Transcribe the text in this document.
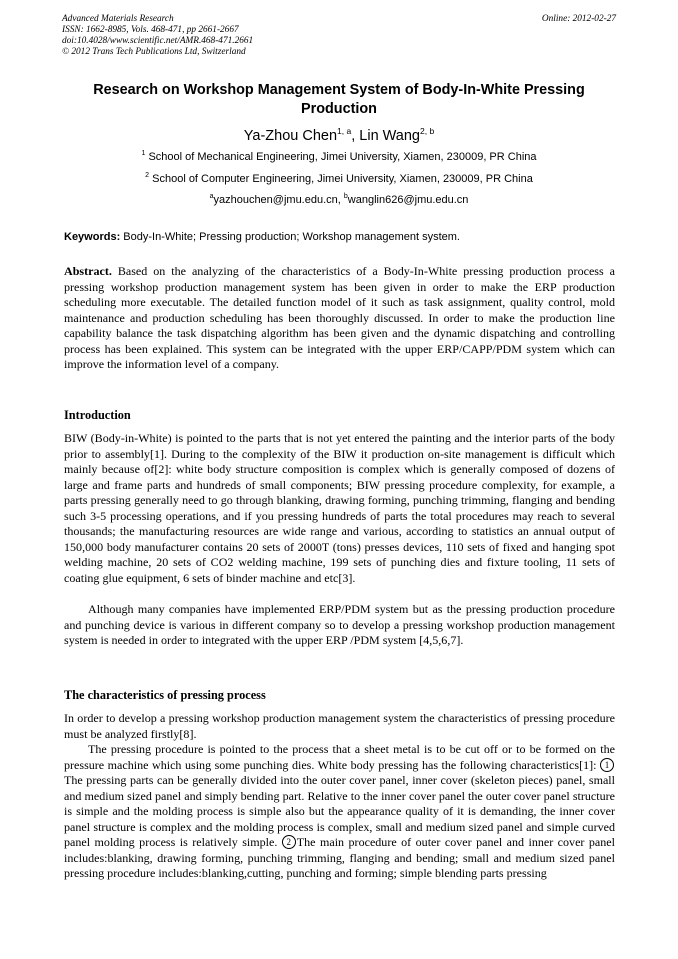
Advanced Materials Research
ISSN: 1662-8985, Vols. 468-471, pp 2661-2667
doi:10.4028/www.scientific.net/AMR.468-471.2661
© 2012 Trans Tech Publications Ltd, Switzerland
Online: 2012-02-27
Research on Workshop Management System of Body-In-White Pressing Production
Ya-Zhou Chen$^{1, a}$, Lin Wang$^{2, b}$
$^1$ School of Mechanical Engineering, Jimei University, Xiamen, 230009, PR China
$^2$ School of Computer Engineering, Jimei University, Xiamen, 230009, PR China
$^a$yazhouchen@jmu.edu.cn, $^b$wanglin626@jmu.edu.cn
Keywords: Body-In-White; Pressing production; Workshop management system.
Abstract. Based on the analyzing of the characteristics of a Body-In-White pressing production process a pressing workshop production management system has been given in order to make the ERP production scheduling more executable. The detailed function model of it such as task assignment, quality control, mold maintenance and production scheduling has been thoroughly discussed. In order to make the production line capability balance the task dispatching algorithm has been given and the dynamic dispatching and controlling process has been explained. This system can be integrated with the upper ERP/CAPP/PDM system which can improve the information level of a company.
Introduction
BIW (Body-in-White) is pointed to the parts that is not yet entered the painting and the interior parts of the body prior to assembly[1]. During to the complexity of the BIW it production on-site management is difficult which mainly because of[2]: white body structure composition is complex which is generally composed of dozens of large and frame parts and hundreds of small components; BIW pressing procedure complexity, for example, a parts pressing generally need to go through blanking, drawing forming, punching trimming, flanging and bending such 3-5 processing operations, and if you pressing hundreds of parts the total procedures may reach to several thousands; the manufacturing resources are wide range and various, according to statistics an annual output of 150,000 body manufacturer contains 20 sets of 2000T (tons) presses devices, 110 sets of fixed and hanging spot welding machine, 20 sets of CO2 welding machine, 199 sets of punching dies and fixture tooling, 11 sets of coating glue equipment, 6 sets of binder machine and etc[3].
Although many companies have implemented ERP/PDM system but as the pressing production procedure and punching device is various in different company so to develop a pressing workshop production management system is needed in order to integrated with the upper ERP /PDM system [4,5,6,7].
The characteristics of pressing process
In order to develop a pressing workshop production management system the characteristics of pressing procedure must be analyzed firstly[8].
The pressing procedure is pointed to the process that a sheet metal is to be cut off or to be formed on the pressure machine which using some punching dies. White body pressing has the following characteristics[1]: 1The pressing parts can be generally divided into the outer cover panel, inner cover (skeleton pieces) panel, small and medium sized panel and simply bending part. Relative to the inner cover panel the outer cover panel structure is simple and the molding process is simple also but the appearance quality of it is demanding, the inner cover panel structure is complex and the molding process is complex, small and medium sized panel and simple curved panel molding process is relatively simple. 2 The main procedure of outer cover panel and inner cover panel includes:blanking, drawing forming, punching trimming, flanging and bending; small and medium sized panel pressing procedure includes:blanking,cutting, punching and forming; simple blending parts pressing
